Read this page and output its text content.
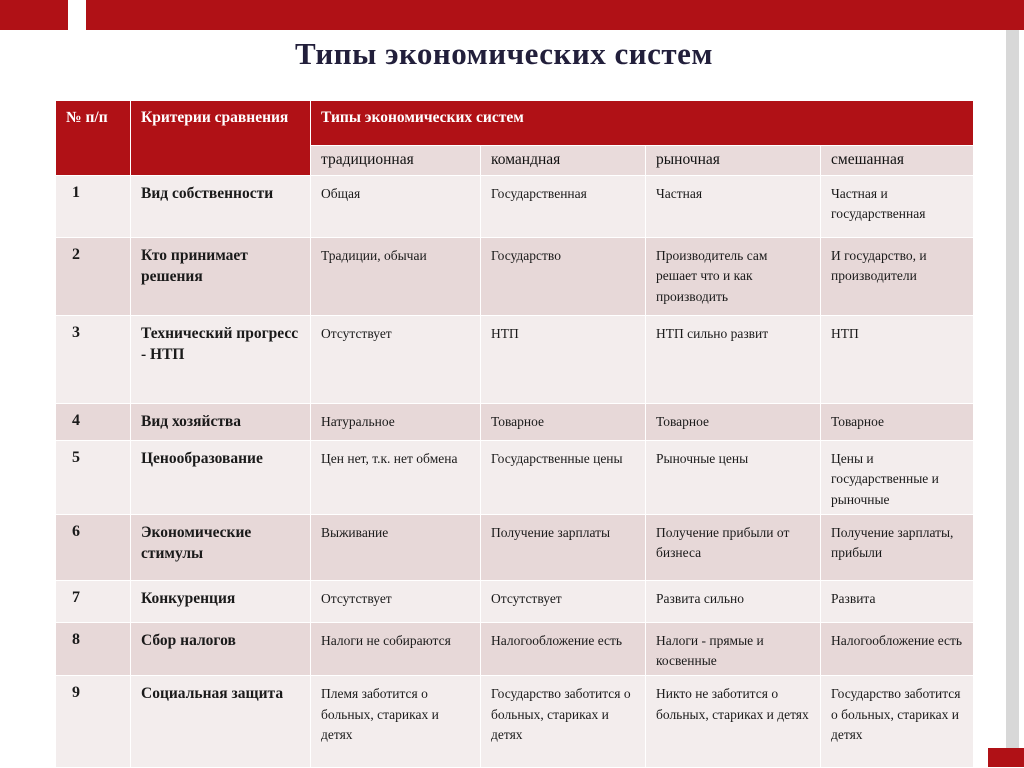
Типы экономических систем
№ п/п	Критерии сравнения	Типы экономических систем			
		традиционная	командная	рыночная	смешанная
1	Вид собственности	Общая	Государственная	Частная	Частная и государственная
2	Кто принимает решения	Традиции, обычаи	Государство	Производитель сам решает что и как производить	И государство, и производители
3	Технический прогресс - НТП	Отсутствует	НТП	НТП сильно развит	НТП
4	Вид хозяйства	Натуральное	Товарное	Товарное	Товарное
5	Ценообразование	Цен нет, т.к. нет обмена	Государственные цены	Рыночные цены	Цены и государственные и рыночные
6	Экономические стимулы	Выживание	Получение зарплаты	Получение прибыли от бизнеса	Получение зарплаты, прибыли
7	Конкуренция	Отсутствует	Отсутствует	Развита сильно	Развита
8	Сбор налогов	Налоги не собираются	Налогообложение есть	Налоги - прямые и косвенные	Налогообложение есть
9	Социальная защита	Племя заботится о больных, стариках и детях	Государство заботится о больных, стариках и детях	Никто не заботится о больных, стариках и детях	Государство заботится о больных, стариках и детях
